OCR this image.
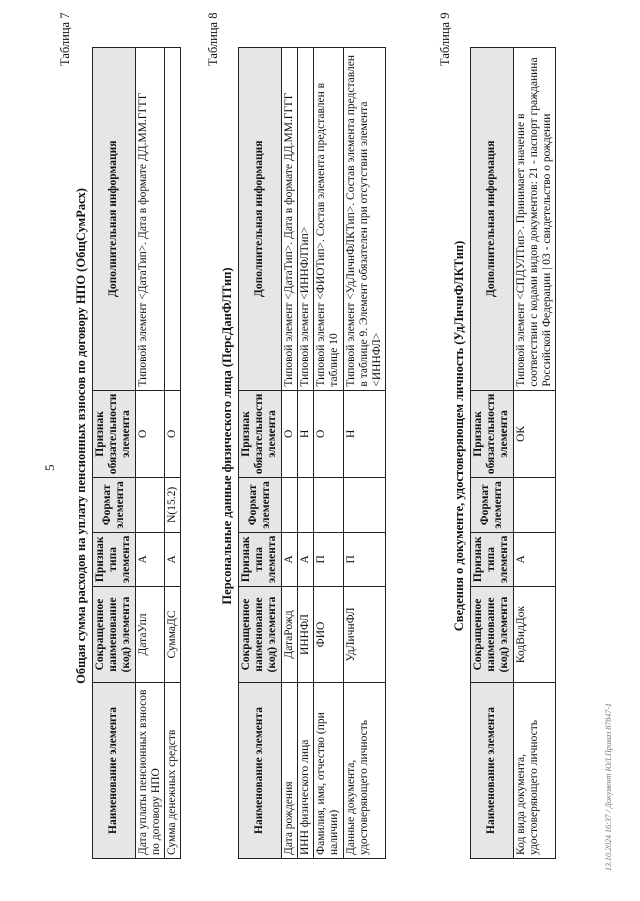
5
Таблица 7
Общая сумма расходов на уплату пенсионных взносов по договору НПО (ОбщСумРасх)
Наименование элемента	Сокращенное наименование (код) элемента	Признак типа элемента	Формат элемента	Признак обязательности элемента	Дополнительная информация
Дата уплаты пенсионных взносов по договору НПО	ДатаУпл	А		О	Типовой элемент <ДатаТип>. Дата в формате ДД.ММ.ГГГГ
Сумма денежных средств	СуммаДС	А	N(15.2)	О	
Таблица 8
Персональные данные физического лица (ПерсДанФЛТип)
Наименование элемента	Сокращенное наименование (код) элемента	Признак типа элемента	Формат элемента	Признак обязательности элемента	Дополнительная информация
Дата рождения	ДатаРожд	А		О	Типовой элемент <ДатаТип>. Дата в формате ДД.ММ.ГГГГ
ИНН физического лица	ИННФЛ	А		Н	Типовой элемент <ИННФЛТип>
Фамилия, имя, отчество (при наличии)	ФИО	П		О	Типовой элемент <ФИОТип>. Состав элемента представлен в таблице 10
Данные документа, удостоверяющего личность	УдЛичнФЛ	П		Н	Типовой элемент <УдЛичнФЛКТип>. Состав элемента представлен в таблице 9. Элемент обязателен при отсутствии элемента <ИННФЛ>
Таблица 9
Сведения о документе, удостоверяющем личность (УдЛичнФЛКТип)
Наименование элемента	Сокращенное наименование (код) элемента	Признак типа элемента	Формат элемента	Признак обязательности элемента	Дополнительная информация
Код вида документа, удостоверяющего личность	КодВидДок	А		ОК	Типовой элемент <СПДУЛТип>. Принимает значение в соответствии с кодами видов документов: 21 - паспорт гражданина Российской Федерации | 03 - свидетельство о рождении
13.10.2024 16:37 / Документ ЮЛ.Приказ 87847-1
